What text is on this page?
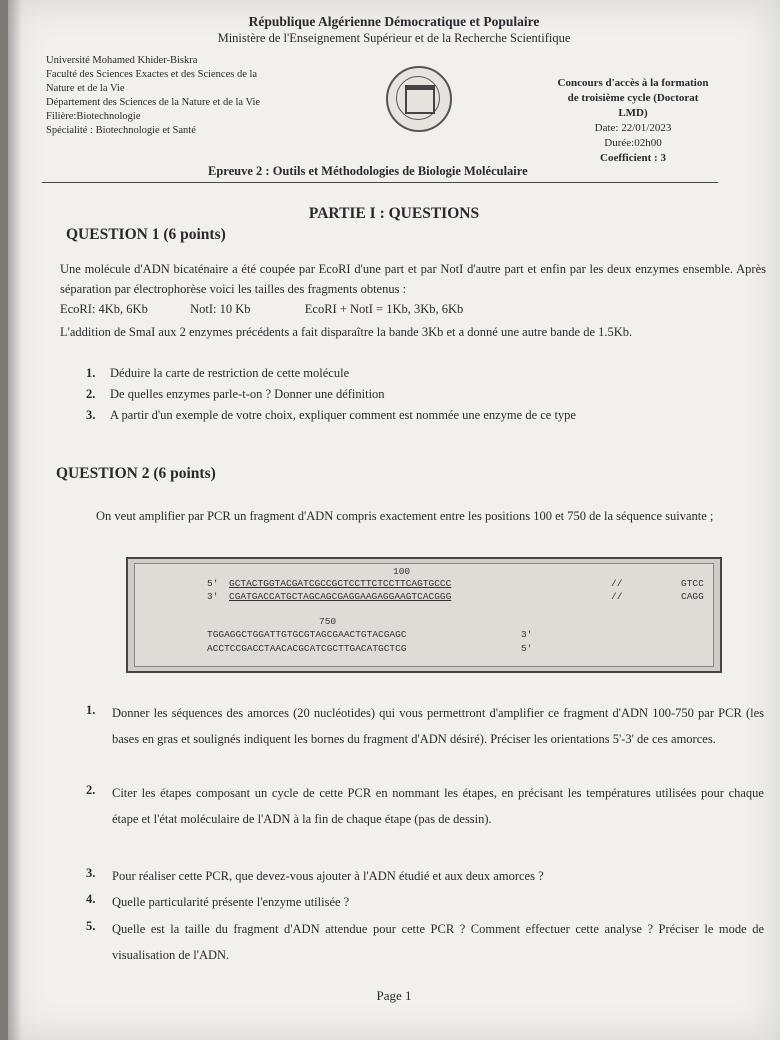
République Algérienne Démocratique et Populaire
Ministère de l'Enseignement Supérieur et de la Recherche Scientifique
Université Mohamed Khider-Biskra
Faculté des Sciences Exactes et des Sciences de la
Nature et de la Vie
Département des Sciences de la Nature et de la Vie
Filière:Biotechnologie
Spécialité : Biotechnologie et Santé
Concours d'accès à la formation
de troisième cycle (Doctorat
LMD)
Date: 22/01/2023
Durée:02h00
Coefficient : 3
Epreuve 2 : Outils et Méthodologies de Biologie Moléculaire
PARTIE I : QUESTIONS
QUESTION 1 (6 points)
Une molécule d'ADN bicaténaire a été coupée par EcoRI d'une part et par NotI d'autre part et enfin par les deux enzymes ensemble. Après séparation par électrophorèse voici les tailles des fragments obtenus :
EcoRI: 4Kb, 6Kb	NotI: 10 Kb	EcoRI + NotI = 1Kb, 3Kb, 6Kb
L'addition de SmaI aux 2 enzymes précédents a fait disparaître la bande 3Kb et a donné une autre bande de 1.5Kb.
1. Déduire la carte de restriction de cette molécule
2. De quelles enzymes parle-t-on ? Donner une définition
3. A partir d'un exemple de votre choix, expliquer comment est nommée une enzyme de ce type
QUESTION 2 (6 points)
On veut amplifier par PCR un fragment d'ADN compris exactement entre les positions 100 et 750 de la séquence suivante ;
100
5' GCTACTGGTACGATCGCCGCTCCTTCTCCTTCAGTGCCC	//	GTCC
3' CGATGACCATGCTAGCAGCGAGGAAGAGGAAGTCACGGG	//	CAGG
750
TGGAGGCTGGATTGTGCGTAGCGAACTGTACGAGC	3'
ACCTCCGACCTAACACGCATCGCTTGACATGCTCG	5'
1. Donner les séquences des amorces (20 nucléotides) qui vous permettront d'amplifier ce fragment d'ADN 100-750 par PCR (les bases en gras et soulignés indiquent les bornes du fragment d'ADN désiré). Préciser les orientations 5'-3' de ces amorces.
2. Citer les étapes composant un cycle de cette PCR en nommant les étapes, en précisant les températures utilisées pour chaque étape et l'état moléculaire de l'ADN à la fin de chaque étape (pas de dessin).
3. Pour réaliser cette PCR, que devez-vous ajouter à l'ADN étudié et aux deux amorces ?
4. Quelle particularité présente l'enzyme utilisée ?
5. Quelle est la taille du fragment d'ADN attendue pour cette PCR ? Comment effectuer cette analyse ? Préciser le mode de visualisation de l'ADN.
Page 1
